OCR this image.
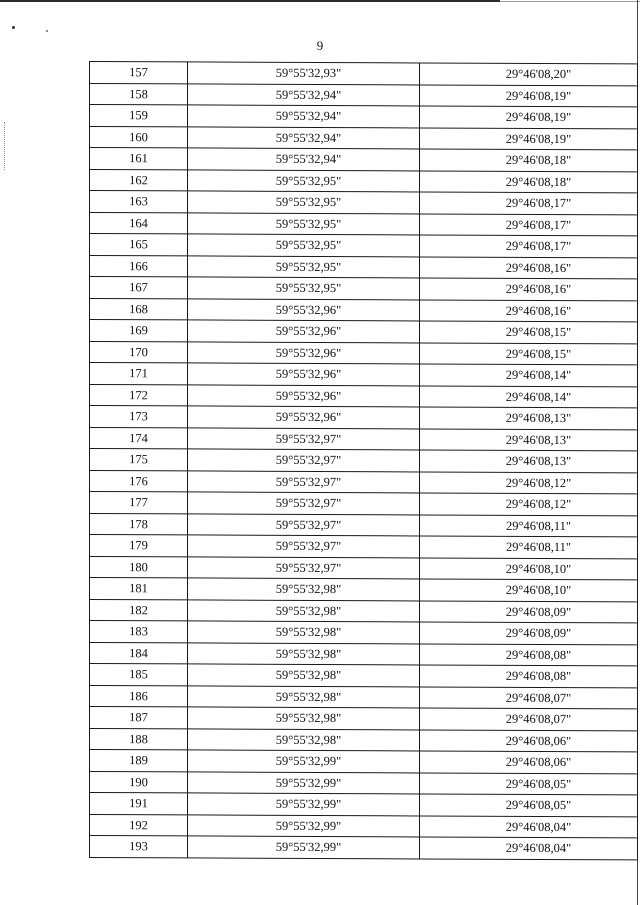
9
157	59°55'32,93"	29°46'08,20"
158	59°55'32,94"	29°46'08,19"
159	59°55'32,94"	29°46'08,19"
160	59°55'32,94"	29°46'08,19"
161	59°55'32,94"	29°46'08,18"
162	59°55'32,95"	29°46'08,18"
163	59°55'32,95"	29°46'08,17"
164	59°55'32,95"	29°46'08,17"
165	59°55'32,95"	29°46'08,17"
166	59°55'32,95"	29°46'08,16"
167	59°55'32,95"	29°46'08,16"
168	59°55'32,96"	29°46'08,16"
169	59°55'32,96"	29°46'08,15"
170	59°55'32,96"	29°46'08,15"
171	59°55'32,96"	29°46'08,14"
172	59°55'32,96"	29°46'08,14"
173	59°55'32,96"	29°46'08,13"
174	59°55'32,97"	29°46'08,13"
175	59°55'32,97"	29°46'08,13"
176	59°55'32,97"	29°46'08,12"
177	59°55'32,97"	29°46'08,12"
178	59°55'32,97"	29°46'08,11"
179	59°55'32,97"	29°46'08,11"
180	59°55'32,97"	29°46'08,10"
181	59°55'32,98"	29°46'08,10"
182	59°55'32,98"	29°46'08,09"
183	59°55'32,98"	29°46'08,09"
184	59°55'32,98"	29°46'08,08"
185	59°55'32,98"	29°46'08,08"
186	59°55'32,98"	29°46'08,07"
187	59°55'32,98"	29°46'08,07"
188	59°55'32,98"	29°46'08,06"
189	59°55'32,99"	29°46'08,06"
190	59°55'32,99"	29°46'08,05"
191	59°55'32,99"	29°46'08,05"
192	59°55'32,99"	29°46'08,04"
193	59°55'32,99"	29°46'08,04"
